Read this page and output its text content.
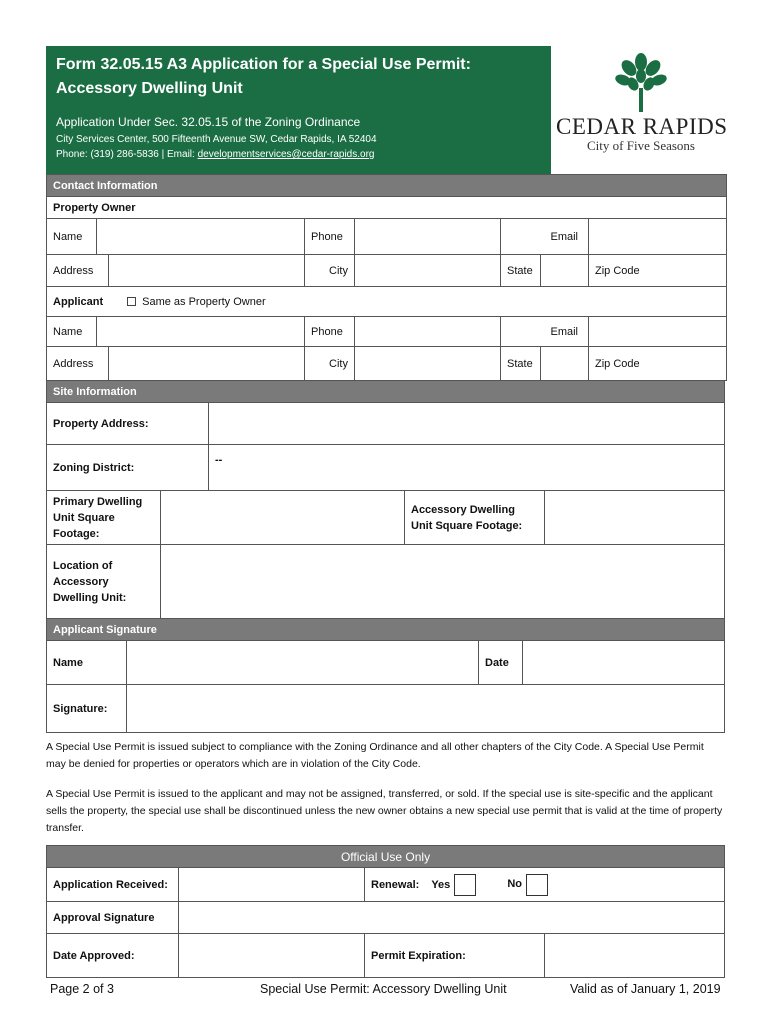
Form 32.05.15 A3 Application for a Special Use Permit:
Accessory Dwelling Unit
Application Under Sec. 32.05.15 of the Zoning Ordinance
City Services Center, 500 Fifteenth Avenue SW, Cedar Rapids, IA 52404
Phone: (319) 286-5836 | Email: developmentservices@cedar-rapids.org
CEDAR RAPIDS
City of Five Seasons
Contact Information							
Property Owner							
Name			Phone		Email		

Address			City		State		Zip Code
Applicant Same as Property Owner							
Name			Phone		Email		

Address			City		State		Zip Code
Site Information				
Property Address:				
Zoning District:		--		
Primary Dwelling Unit Square Footage:			Accessory Dwelling Unit Square Footage:	
Location of Accessory Dwelling Unit:				
Applicant Signature			
Name		Date	
Signature:			
A Special Use Permit is issued subject to compliance with the Zoning Ordinance and all other chapters of the City Code. A Special Use Permit may be denied for properties or operators which are in violation of the City Code.
A Special Use Permit is issued to the applicant and may not be assigned, transferred, or sold. If the special use is site-specific and the applicant sells the property, the special use shall be discontinued unless the new owner obtains a new special use permit that is valid at the time of property transfer.
Official Use Only			
Application Received:		Renewal: Yes No	
Approval Signature			
Date Approved:		Permit Expiration:	
Page 2 of 3	Special Use Permit: Accessory Dwelling Unit	Valid as of January 1, 2019
